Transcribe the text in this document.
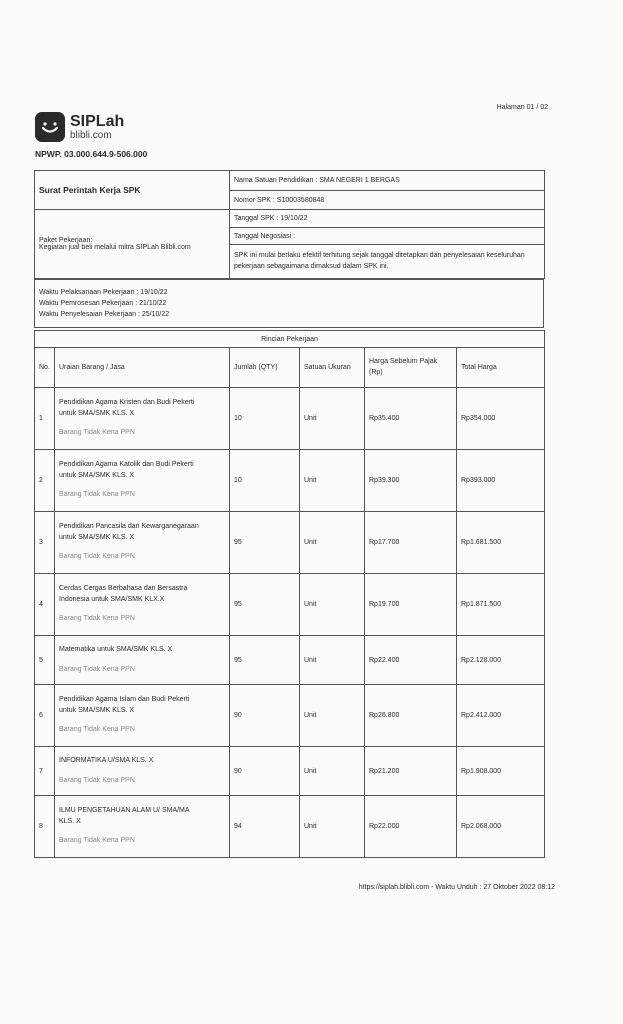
Halaman 01 / 02
SIPLah
blibli.com
NPWP. 03.000.644.9-506.000
Surat Perintah Kerja SPK	Nama Satuan Pendidikan : SMA NEGERI 1 BERGAS
	Nomor SPK : S10003580848

Paket Pekerjaan:
Kegiatan jual beli melalui mitra SIPLah Blibli.com	Tanggal SPK : 19/10/22
	Tanggal Negosiasi :
	SPK ini mulai berlaku efektif terhitung sejak tanggal ditetapkan dan penyelesaian keseluruhan pekerjaan sebagaimana dimaksud dalam SPK ini.
Waktu Pelaksanaan Pekerjaan : 19/10/22
Waktu Pemrosesan Pekerjaan : 21/10/22
Waktu Penyelesaian Pekerjaan : 25/10/22
Rincian Pekerjaan					
No.	Uraian Barang / Jasa	Jumlah (QTY)	Satuan Ukuran	Harga Sebelum Pajak (Rp)	Total Harga
1	Pendidikan Agama Kristen dan Budi Pekerti
untuk SMA/SMK KLS. X
Barang Tidak Kena PPN	10	Unit	Rp35.400	Rp354.000
2	Pendidikan Agama Katolik dan Budi Pekerti
untuk SMA/SMK KLS. X
Barang Tidak Kena PPN	10	Unit	Rp39.300	Rp393.000
3	Pendidikan Pancasila dan Kewarganegaraan
untuk SMA/SMK KLS. X
Barang Tidak Kena PPN	95	Unit	Rp17.700	Rp1.681.500
4	Cerdas Cergas Berbahasa dan Bersastra
Indonesia untuk SMA/SMK KLX.X
Barang Tidak Kena PPN	95	Unit	Rp19.700	Rp1.871.500
5	Matematika untuk SMA/SMK KLS. X
Barang Tidak Kena PPN	95	Unit	Rp22.400	Rp2.128.000
6	Pendidikan Agama Islam dan Budi Pekerti
untuk SMA/SMK KLS. X
Barang Tidak Kena PPN	90	Unit	Rp26.800	Rp2.412.000
7	INFORMATIKA U/SMA KLS. X
Barang Tidak Kena PPN	90	Unit	Rp21.200	Rp1.908.000
8	ILMU PENGETAHUAN ALAM U/ SMA/MA
KLS. X
Barang Tidak Kena PPN	94	Unit	Rp22.000	Rp2.068.000
https://siplah.blibli.com - Waktu Unduh : 27 Oktober 2022 08:12
